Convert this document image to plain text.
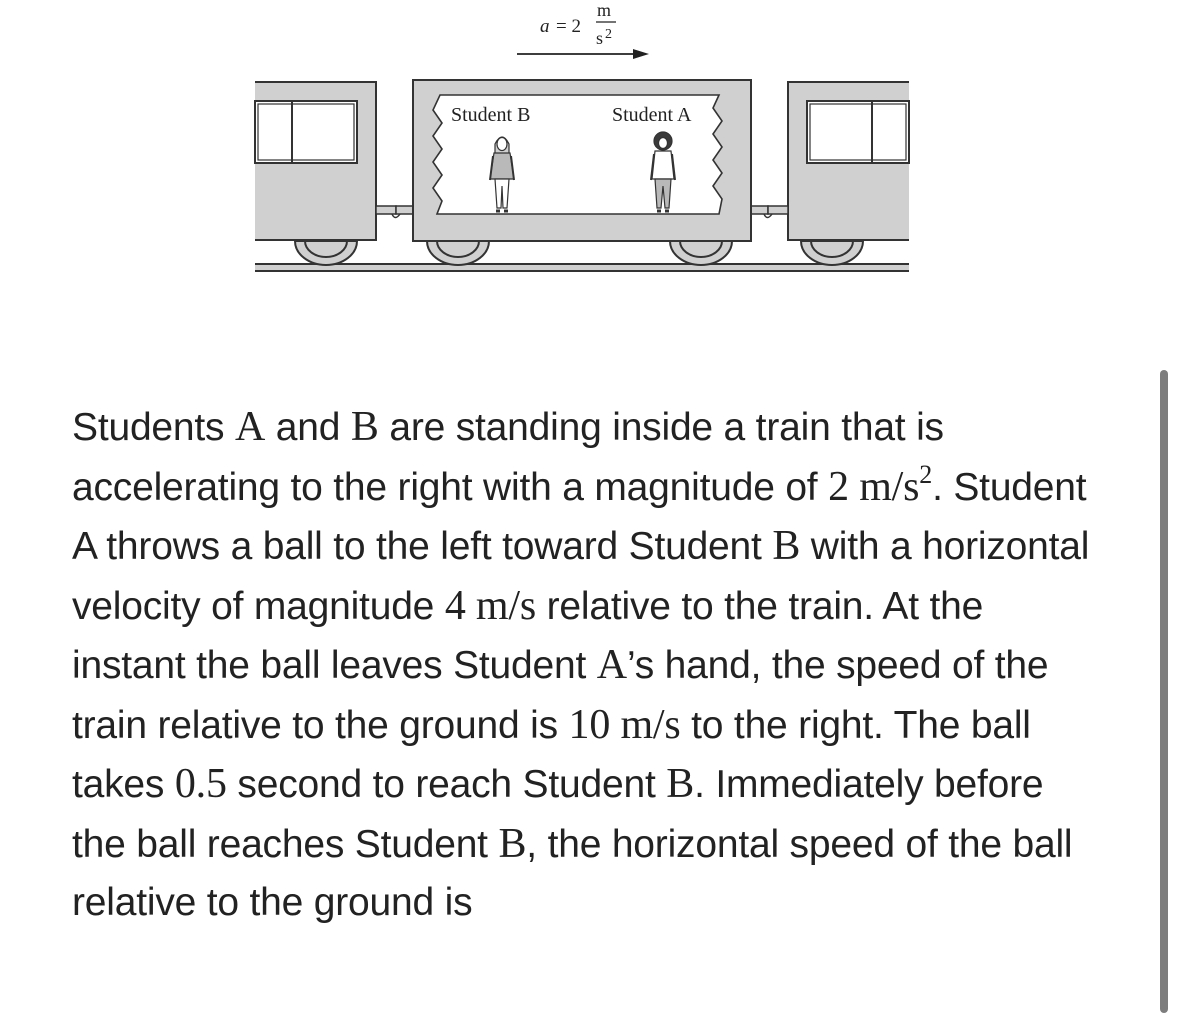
a = 2
m
s 2
Student B	Student A

Students A and B are standing inside a train that is accelerating to the right with a magnitude of 2 $m/s^2$. Student A throws a ball to the left toward Student B with a horizontal velocity of magnitude 4 m/s relative to the train. At the instant the ball leaves Student A’s hand, the speed of the train relative to the ground is 10 m/s to the right. The ball takes 0.5 second to reach Student B. Immediately before the ball reaches Student B, the horizontal speed of the ball relative to the ground is
